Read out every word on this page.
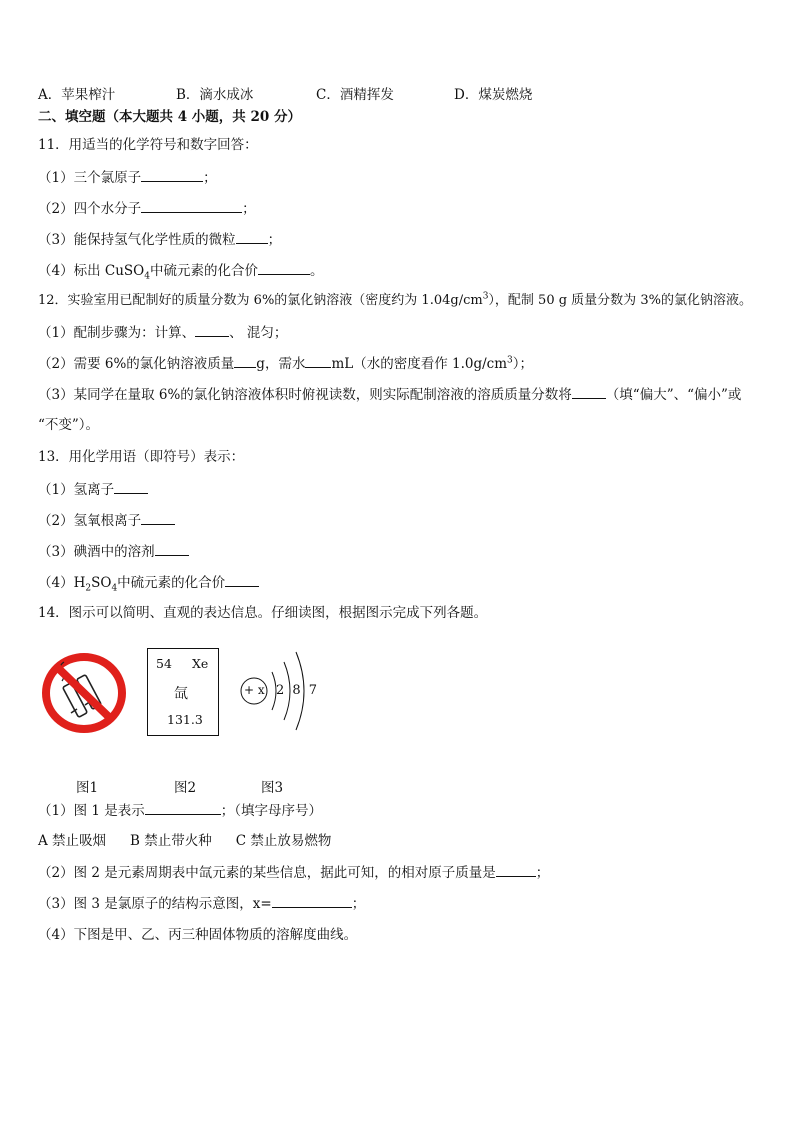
A．苹果榨汁	B．滴水成冰	C．酒精挥发	D．煤炭燃烧
二、填空题（本大题共 4 小题，共 20 分）
11．用适当的化学符号和数字回答：
（1）三个氯原子	；
（2）四个水分子	；
（3）能保持氢气化学性质的微粒 ；
（4）标出 CuSO$_4$中硫元素的化合价	。
12．实验室用已配制好的质量分数为 6%的氯化钠溶液（密度约为 $1.04g/cm^3$），配制 50 g 质量分数为 3%的氯化钠溶液。
（1）配制步骤为：计算、	、 混匀；
（2）需要 6%的氯化钠溶液质量 g，需水 mL（水的密度看作 $1.0g/cm^3$）；
（3）某同学在量取 6%的氯化钠溶液体积时俯视读数，则实际配制溶液的溶质质量分数将	（填“偏大”、“偏小”或
“不变”）。
13．用化学用语（即符号）表示：
（1）氢离子
（2）氢氧根离子
（3）碘酒中的溶剂
$(4)H_2SO_4$中硫元素的化合价
14．图示可以简明、直观的表达信息。仔细读图，根据图示完成下列各题。
54 Xe
氙
131.3
+ x 2 8 7
图1	图2	图3
（1）图 1 是表示	；（填字母序号）
A 禁止吸烟 B 禁止带火种 C 禁止放易燃物
（2）图 2 是元素周期表中氙元素的某些信息，据此可知，的相对原子质量是	；
（3）图 3 是氯原子的结构示意图，x=	；
（4）下图是甲、乙、丙三种固体物质的溶解度曲线。
